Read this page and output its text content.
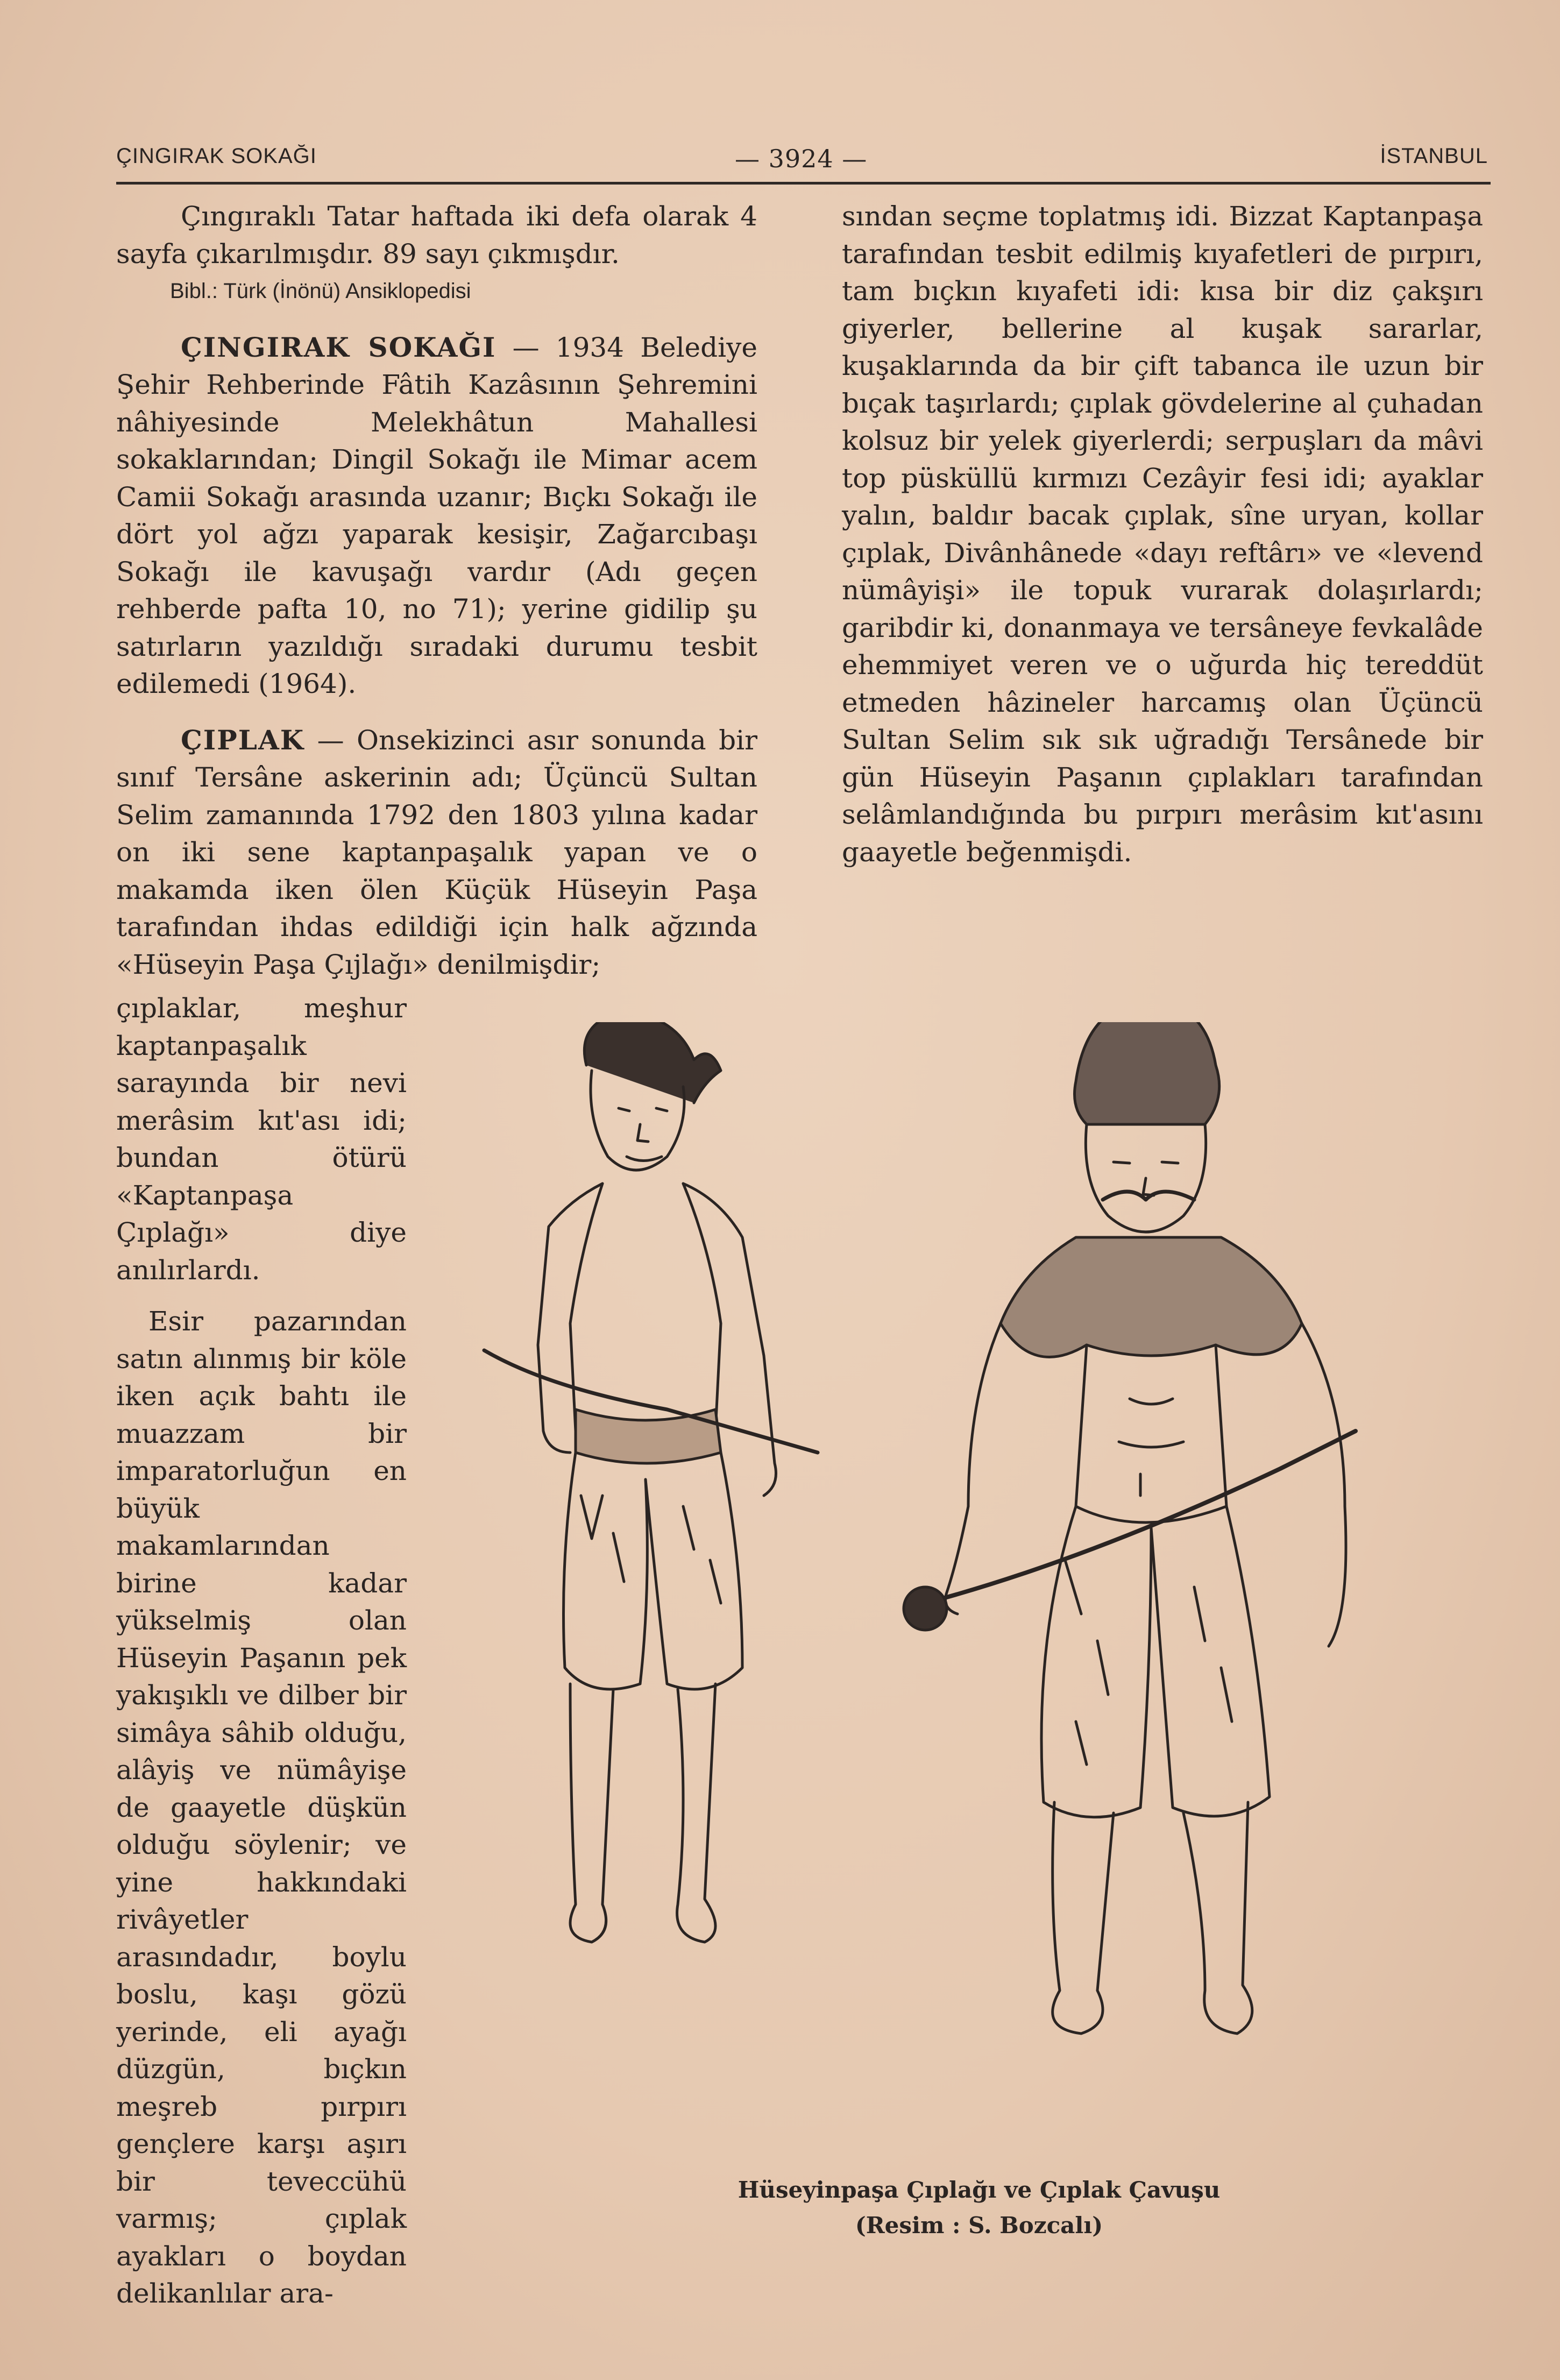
ÇINGIRAK SOKAĞI	— 3924 —	İSTANBUL

Çıngıraklı Tatar haftada iki defa olarak 4 sayfa çıkarılmışdır. 89 sayı çıkmışdır.

Bibl.: Türk (İnönü) Ansiklopedisi

ÇINGIRAK SOKAĞI — 1934 Belediye Şehir Rehberinde Fâtih Kazâsının Şehremini nâhiyesinde Melekhâtun Mahallesi sokaklarından; Dingil Sokağı ile Mimar acem Camii Sokağı arasında uzanır; Bıçkı Sokağı ile dört yol ağzı yaparak kesişir, Zağarcıbaşı Sokağı ile kavuşağı vardır (Adı geçen rehberde pafta 10, no 71); yerine gidilip şu satırların yazıldığı sıradaki durumu tesbit edilemedi (1964).

ÇIPLAK — Onsekizinci asır sonunda bir sınıf Tersâne askerinin adı; Üçüncü Sultan Selim zamanında 1792 den 1803 yılına kadar on iki sene kaptanpaşalık yapan ve o makamda iken ölen Küçük Hüseyin Paşa tarafından ihdas edildiği için halk ağzında «Hüseyin Paşa Çıjlağı» denilmişdir;

çıplaklar, meşhur kaptanpaşalık sarayında bir nevi merâsim kıt'ası idi; bundan ötürü «Kaptanpaşa Çıplağı» diye anılırlardı.

Esir pazarından satın alınmış bir köle iken açık bahtı ile muazzam bir imparatorluğun en büyük makamlarından birine kadar yükselmiş olan Hüseyin Paşanın pek yakışıklı ve dilber bir simâya sâhib olduğu, alâyiş ve nümâyişe de gaayetle düşkün olduğu söylenir; ve yine hakkındaki rivâyetler arasındadır, boylu boslu, kaşı gözü yerinde, eli ayağı düzgün, bıçkın meşreb pırpırı gençlere karşı aşırı bir teveccühü varmış; çıplak ayakları o boydan delikanlılar ara-

sından seçme toplatmış idi. Bizzat Kaptanpaşa tarafından tesbit edilmiş kıyafetleri de pırpırı, tam bıçkın kıyafeti idi: kısa bir diz çakşırı giyerler, bellerine al kuşak sararlar, kuşaklarında da bir çift tabanca ile uzun bir bıçak taşırlardı; çıplak gövdelerine al çuhadan kolsuz bir yelek giyerlerdi; serpuşları da mâvi top püsküllü kırmızı Cezâyir fesi idi; ayaklar yalın, baldır bacak çıplak, sîne uryan, kollar çıplak, Divânhânede «dayı reftârı» ve «levend nümâyişi» ile topuk vurarak dolaşırlardı; garibdir ki, donanmaya ve tersâneye fevkalâde ehemmiyet veren ve o uğurda hiç tereddüt etmeden hâzineler harcamış olan Üçüncü Sultan Selim sık sık uğradığı Tersânede bir gün Hüseyin Paşanın çıplakları tarafından selâmlandığında bu pırpırı merâsim kıt'asını gaayetle beğenmişdi.

Hüseyinpaşa Çıplağı ve Çıplak Çavuşu
(Resim : S. Bozcalı)
